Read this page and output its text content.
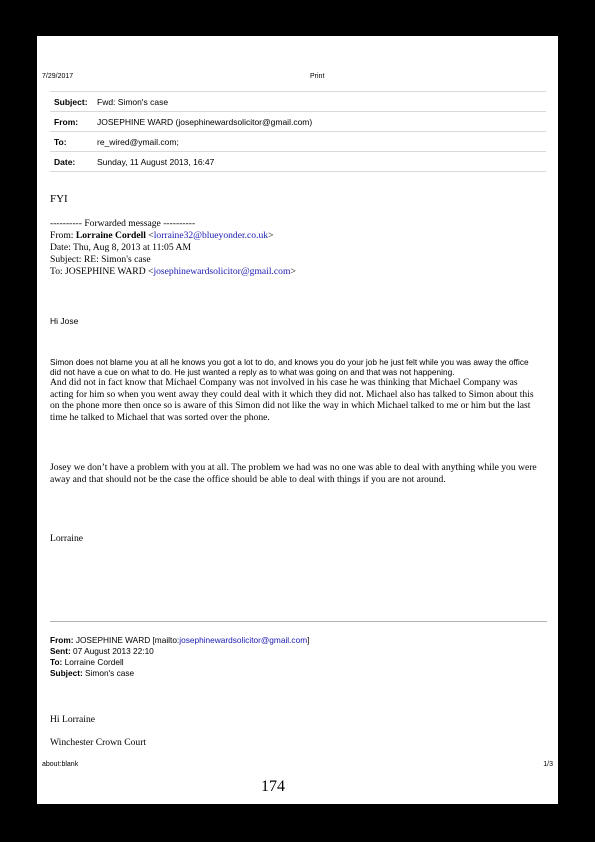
7/29/2017	Print
Subject: Fwd: Simon's case
From: JOSEPHINE WARD (josephinewardsolicitor@gmail.com)
To:	re_wired@ymail.com;
Date:	Sunday, 11 August 2013, 16:47
FYI
---------- Forwarded message ----------
From: Lorraine Cordell <lorraine32@blueyonder.co.uk>
Date: Thu, Aug 8, 2013 at 11:05 AM
Subject: RE: Simon's case
To: JOSEPHINE WARD <josephinewardsolicitor@gmail.com>
Hi Jose
Simon does not blame you at all he knows you got a lot to do, and knows you do your job he just felt while you was away the office did not have a cue on what to do. He just wanted a reply as to what was going on and that was not happening.
And did not in fact know that Michael Company was not involved in his case he was thinking that Michael Company was acting for him so when you went away they could deal with it which they did not. Michael also has talked to Simon about this on the phone more then once so is aware of this Simon did not like the way in which Michael talked to me or him but the last time he talked to Michael that was sorted over the phone.
Josey we don’t have a problem with you at all. The problem we had was no one was able to deal with anything while you were away and that should not be the case the office should be able to deal with things if you are not around.
Lorraine
From: JOSEPHINE WARD [mailto:josephinewardsolicitor@gmail.com]
Sent: 07 August 2013 22:10
To: Lorraine Cordell
Subject: Simon's case
Hi Lorraine
Winchester Crown Court
about:blank	1/3
174
